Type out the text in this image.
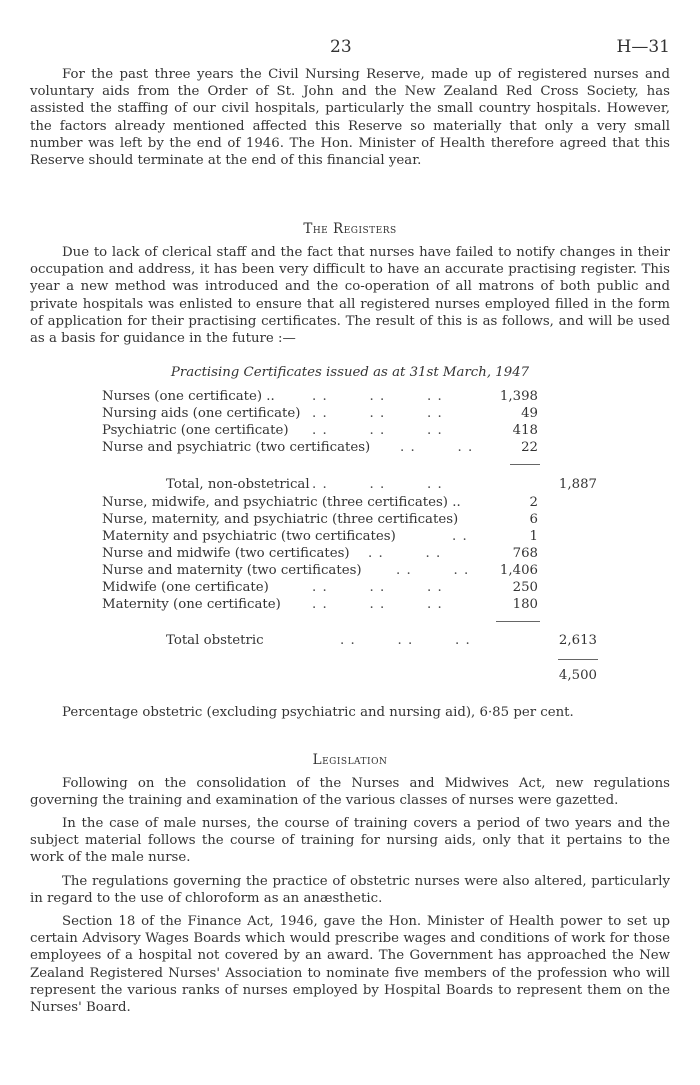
23	H—31

For the past three years the Civil Nursing Reserve, made up of registered nurses and voluntary aids from the Order of St. John and the New Zealand Red Cross Society, has assisted the staffing of our civil hospitals, particularly the small country hospitals. However, the factors already mentioned affected this Reserve so materially that only a very small number was left by the end of 1946. The Hon. Minister of Health therefore agreed that this Reserve should terminate at the end of this financial year.

The Registers

Due to lack of clerical staff and the fact that nurses have failed to notify changes in their occupation and address, it has been very difficult to have an accurate practising register. This year a new method was introduced and the co-operation of all matrons of both public and private hospitals was enlisted to ensure that all registered nurses employed filled in the form of application for their practising certificates. The result of this is as follows, and will be used as a basis for guidance in the future :—

Practising Certificates issued as at 31st March, 1947
Nurses (one certificate) ..	. .        . .        . .	1,398
Nursing aids (one certificate) . .        . .        . .	49
Psychiatric (one certificate) . .        . .        . .	418
Nurse and psychiatric (two certificates) . .        . .	22
Total, non-obstetrical . .        . .        . .	1,887
Nurse, midwife, and psychiatric (three certificates) ..	2
Nurse, maternity, and psychiatric (three certificates)	6
Maternity and psychiatric (two certificates)	. .	1
Nurse and midwife (two certificates) . .        . .	768
Nurse and maternity (two certificates)	. .        . .	1,406
Midwife (one certificate)	. .        . .        . .	250
Maternity (one certificate) . .        . .        . .	180
Total obstetric	. .        . .        . .	2,613
4,500

Percentage obstetric (excluding psychiatric and nursing aid), 6·85 per cent.

Legislation

Following on the consolidation of the Nurses and Midwives Act, new regulations governing the training and examination of the various classes of nurses were gazetted.

In the case of male nurses, the course of training covers a period of two years and the subject material follows the course of training for nursing aids, only that it pertains to the work of the male nurse.

The regulations governing the practice of obstetric nurses were also altered, particularly in regard to the use of chloroform as an anæsthetic.

Section 18 of the Finance Act, 1946, gave the Hon. Minister of Health power to set up certain Advisory Wages Boards which would prescribe wages and conditions of work for those employees of a hospital not covered by an award. The Government has approached the New Zealand Registered Nurses' Association to nominate five members of the profession who will represent the various ranks of nurses employed by Hospital Boards to represent them on the Nurses' Board.
